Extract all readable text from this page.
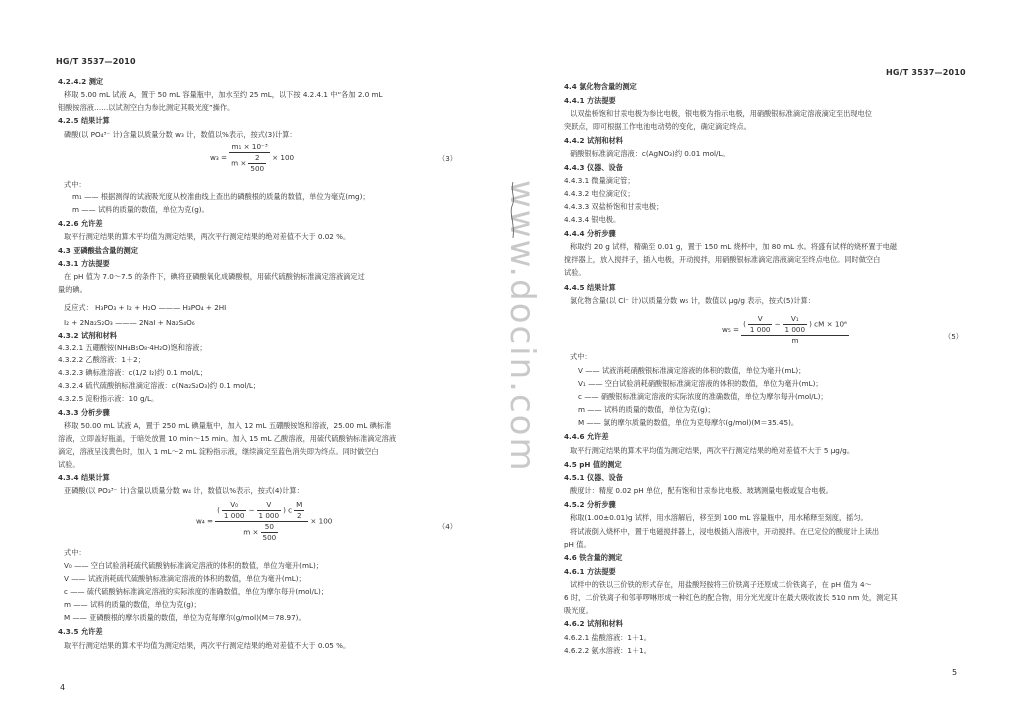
HG/T 3537—2010
4.2.4.2 测定
移取 5.00 mL 试液 A，置于 50 mL 容量瓶中，加水至约 25 mL，以下按 4.2.4.1 中“各加 2.0 mL
钼酸铵溶液……以试剂空白为参比测定其吸光度”操作。
4.2.5 结果计算
磷酸(以 PO₄³⁻ 计)含量以质量分数 w₃ 计，数值以%表示，按式(3)计算：
式中：
m₁ —— 根据测得的试液吸光度从校准曲线上查出的磷酸根的质量的数值，单位为毫克(mg)；
m —— 试料的质量的数值，单位为克(g)。
4.2.6 允许差
取平行测定结果的算术平均值为测定结果，两次平行测定结果的绝对差值不大于 0.02 %。
4.3 亚磷酸盐含量的测定
4.3.1 方法提要
在 pH 值为 7.0～7.5 的条件下，碘将亚磷酸氧化成磷酸根，用硫代硫酸钠标准滴定溶液滴定过
量的碘。
反应式： H₃PO₃ + I₂ + H₂O ——— H₃PO₄ + 2HI
I₂ + 2Na₂S₂O₃ ——— 2NaI + Na₂S₄O₆
4.3.2 试剂和材料
4.3.2.1 五硼酸铵(NH₄B₅O₈·4H₂O)饱和溶液；
4.3.2.2 乙酸溶液：1＋2；
4.3.2.3 碘标准溶液：c(1/2 I₂)约 0.1 mol/L；
4.3.2.4 硫代硫酸钠标准滴定溶液：c(Na₂S₂O₃)约 0.1 mol/L；
4.3.2.5 淀粉指示液：10 g/L。
4.3.3 分析步骤
移取 50.00 mL 试液 A，置于 250 mL 碘量瓶中，加入 12 mL 五硼酸铵饱和溶液，25.00 mL 碘标准
溶液，立即盖好瓶盖，于暗处放置 10 min～15 min。加入 15 mL 乙酸溶液，用硫代硫酸钠标准滴定溶液
滴定，溶液呈浅黄色时，加入 1 mL～2 mL 淀粉指示液，继续滴定至蓝色消失即为终点。同时做空白
试验。
4.3.4 结果计算
亚磷酸(以 PO₃³⁻ 计)含量以质量分数 w₄ 计，数值以%表示，按式(4)计算：
式中：
V₀ —— 空白试验消耗硫代硫酸钠标准滴定溶液的体积的数值，单位为毫升(mL)；
V —— 试液消耗硫代硫酸钠标准滴定溶液的体积的数值，单位为毫升(mL)；
c —— 硫代硫酸钠标准滴定溶液的实际浓度的准确数值，单位为摩尔每升(mol/L)；
m —— 试料的质量的数值，单位为克(g)；
M —— 亚磷酸根的摩尔质量的数值，单位为克每摩尔(g/mol)(M＝78.97)。
4.3.5 允许差
取平行测定结果的算术平均值为测定结果，两次平行测定结果的绝对差值不大于 0.05 %。
$w_3 = \frac{\text{m₁ × 10⁻³}}{m \times \frac{2}{500}} \times 100$	（3）
$w_4 = \frac{( \frac{\text{V₀}}{1 000} - \frac{V}{1 000} ) c \frac{M}{2}}{m \times \frac{50}{500}} \times 100$
（4）
4
HG/T 3537—2010
4.4 氯化物含量的测定
4.4.1 方法提要
以双盐桥饱和甘汞电极为参比电极，银电极为指示电极，用硝酸银标准滴定溶液滴定至出现电位
突跃点，即可根据工作电池电动势的变化，确定滴定终点。
4.4.2 试剂和材料
硝酸银标准滴定溶液：c(AgNO₃)约 0.01 mol/L。
4.4.3 仪器、设备
4.4.3.1 微量滴定管；
4.4.3.2 电位滴定仪；
4.4.3.3 双盐桥饱和甘汞电极；
4.4.3.4 银电极。
4.4.4 分析步骤
称取约 20 g 试样，精确至 0.01 g，置于 150 mL 烧杯中，加 80 mL 水。将盛有试样的烧杯置于电磁
搅拌器上，放入搅拌子，插入电极，开动搅拌，用硝酸银标准滴定溶液滴定至终点电位。同时做空白
试验。
4.4.5 结果计算
氯化物含量(以 Cl⁻ 计)以质量分数 w₅ 计，数值以 μg/g 表示，按式(5)计算：
式中：
V —— 试液消耗硝酸银标准滴定溶液的体积的数值，单位为毫升(mL)；
V₁ —— 空白试验消耗硝酸银标准滴定溶液的体积的数值，单位为毫升(mL)；
c —— 硝酸银标准滴定溶液的实际浓度的准确数值，单位为摩尔每升(mol/L)；
m —— 试料的质量的数值，单位为克(g)；
M —— 氯的摩尔质量的数值，单位为克每摩尔(g/mol)(M＝35.45)。
4.4.6 允许差
取平行测定结果的算术平均值为测定结果，两次平行测定结果的绝对差值不大于 5 μg/g。
4.5 pH 值的测定
4.5.1 仪器、设备
酸度计：精度 0.02 pH 单位，配有饱和甘汞参比电极、玻璃测量电极或复合电极。
4.5.2 分析步骤
称取(1.00±0.01)g 试样，用水溶解后，移至到 100 mL 容量瓶中，用水稀释至刻度，摇匀。
将试液倒入烧杯中，置于电磁搅拌器上，浸电极插入溶液中，开动搅拌。在已定位的酸度计上读出
pH 值。
4.6 铁含量的测定
4.6.1 方法提要
试样中的铁以三价铁的形式存在，用盐酸羟胺将三价铁离子还原成二价铁离子，在 pH 值为 4～
6 时，二价铁离子和邻菲啰啉形成一种红色的配合物，用分光光度计在最大吸收波长 510 nm 处，测定其
吸光度。
4.6.2 试剂和材料
4.6.2.1 盐酸溶液：1＋1。
4.6.2.2 氨水溶液：1＋1。
$w_5 = \frac{( \frac{V}{1 000} - \frac{\text{V₁}}{1 000} ) cM \times 10^6}{m}$	（5）
5
www.docin.com
